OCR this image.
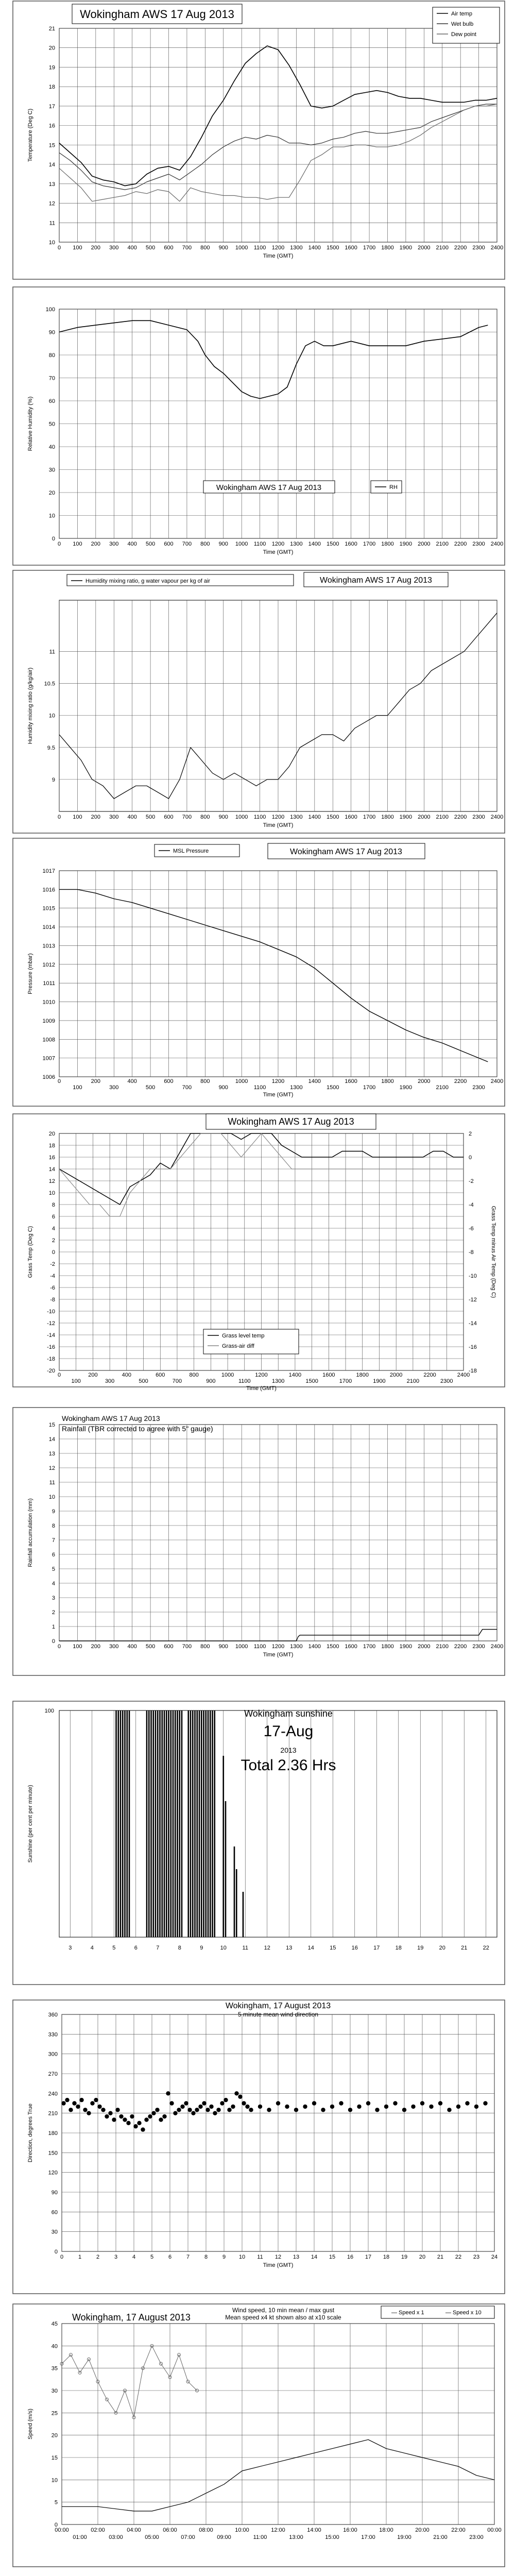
0 100 200 300 400 500 600 700 800 900 1000 1100 1200 1300 1400 1500 1600 1700 1800 1900 2000 2100 2200 2300 2400
10
11
12
13
14
15
16
17
18
19
20
21
Time (GMT)
Temperature (Deg C)
Wokingham AWS 17 Aug 2013	Air temp
Wet bulb
Dew point
0 100 200 300 400 500 600 700 800 900 1000 1100 1200 1300 1400 1500 1600 1700 1800 1900 2000 2100 2200 2300 2400
0
10
20
30
40
50
60
70
80
90
100
Time (GMT)
Relative Humidity (%)
Wokingham AWS 17 Aug 2013	RH
0 100 200 300 400 500 600 700 800 900 1000 1100 1200 1300 1400 1500 1600 1700 1800 1900 2000 2100 2200 2300 2400
9
9.5
10
10.5
11
Time (GMT)
Humidity mixing ratio (g/kg/air)
Wokingham AWS 17 Aug 2013
Humidity mixing ratio, g water vapour per kg of air
0
100
200
300
400
500
600
700
800
900
1000
1100
1200
1300
1400
1500
1600
1700
1800
1900
2000
2100
2200
2300
2400
1006
1007
1008
1009
1010
1011
1012
1013
1014
1015
1016
1017
Time (GMT)
Pressure (mbar)
Wokingham AWS 17 Aug 2013
MSL Pressure
0
100
200
300
400
500
600
700
800
900
1000
1100
1200
1300
1400
1500
1600
1700
1800
1900
2000
2100
2200
2300
2400
-20
-18
-16
-14
-12
-10
-8
-6
-4
-2
0
2
4
6
8
10
12
14
16
18
20
-18
-16
-14
-12
-10
-8
-6
-4
-2
0
2
Time (GMT)
Grass Temp (Deg C)	Grass Temp minus Air Temp (Deg C)
Wokingham AWS 17 Aug 2013
Grass level temp
Grass-air diff
0 100 200 300 400 500 600 700 800 900 1000 1100 1200 1300 1400 1500 1600 1700 1800 1900 2000 2100 2200 2300 2400
0
1
2
3
4
5
6
7
8
9
10
11
12
13
14
15
Time (GMT)
Rainfall accumulation (mm)
Wokingham AWS 17 Aug 2013
Rainfall (TBR corrected to agree with 5" gauge)
3	4	5	6	7	8	9	10	11	12	13	14	15	16	17	18	19	20	21	22
Sunshine (per cent per minute)
Wokingham sunshine
17-Aug
2013
Total 2.36 Hrs
100
0	1	2	3	4	5	6	7	8	9 10 11 12 13 14 15 16 17 18 19 20 21 22 23 24
0
30
60
90
120
150
180
210
240
270
300
330
360
Time (GMT)
Direction, degrees True
Wokingham, 17 August 2013
5 minute mean wind direction
0
5
10
15
20
25
30
35
40
45
Speed (m/s)
Wokingham, 17 August 2013
Wind speed, 10 min mean / max gust
Mean speed x4 kt shown also at x10 scale
— Speed x 1	— Speed x 10
00:00	02:00	04:00	06:00	08:00	10:00	12:00	14:00	16:00	18:00	20:00	22:00	00:00
01:00	03:00	05:00	07:00	09:00	11:00	13:00	15:00	17:00	19:00	21:00	23:00
